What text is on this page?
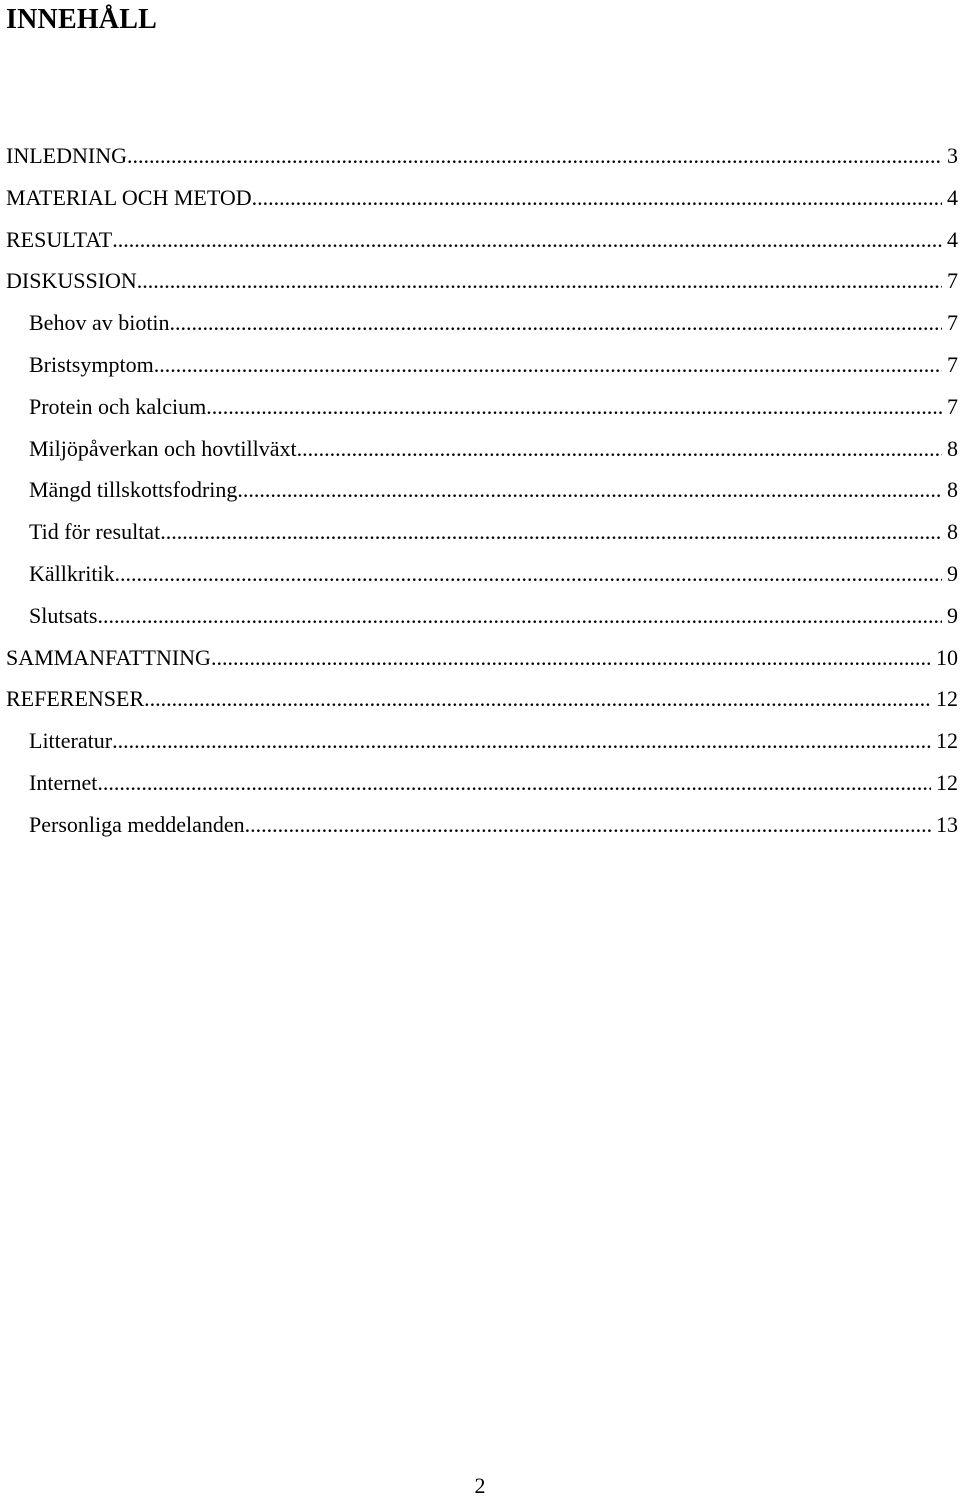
INNEHÅLL
INLEDNING .....	3
MATERIAL OCH METOD .....	4
RESULTAT .....	4
DISKUSSION .....	7
Behov av biotin .....	7
Bristsymptom .....	7
Protein och kalcium .....	7
Miljöpåverkan och hovtillväxt .....	8
Mängd tillskottsfodring .....	8
Tid för resultat .....	8
Källkritik .....	9
Slutsats .....	9
SAMMANFATTNING .....	10
REFERENSER .....	12
Litteratur .....	12
Internet .....	12
Personliga meddelanden .....	13
2
